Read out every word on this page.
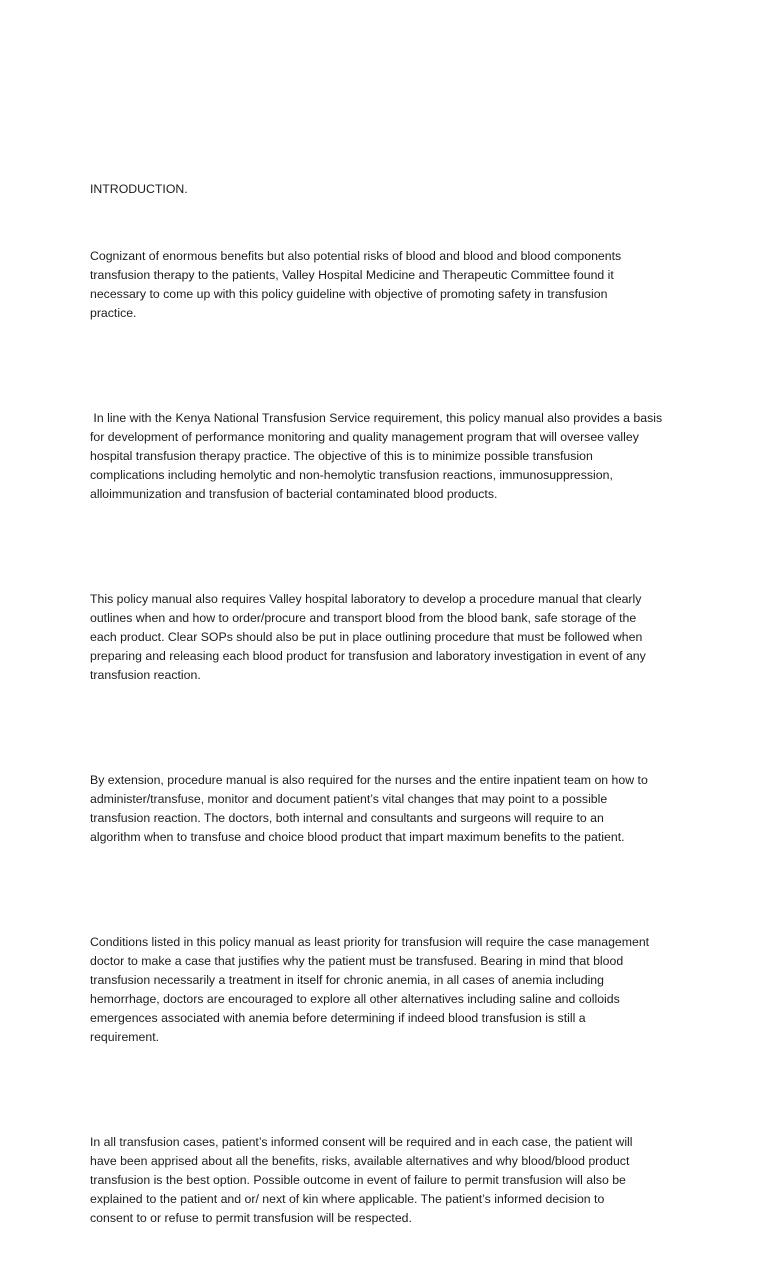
INTRODUCTION.

Cognizant of enormous benefits but also potential risks of blood and blood and blood components
transfusion therapy to the patients, Valley Hospital Medicine and Therapeutic Committee found it
necessary to come up with this policy guideline with objective of promoting safety in transfusion
practice.

In line with the Kenya National Transfusion Service requirement, this policy manual also provides a basis
for development of performance monitoring and quality management program that will oversee valley
hospital transfusion therapy practice. The objective of this is to minimize possible transfusion
complications including hemolytic and non-hemolytic transfusion reactions, immunosuppression,
alloimmunization and transfusion of bacterial contaminated blood products.

This policy manual also requires Valley hospital laboratory to develop a procedure manual that clearly
outlines when and how to order/procure and transport blood from the blood bank, safe storage of the
each product. Clear SOPs should also be put in place outlining procedure that must be followed when
preparing and releasing each blood product for transfusion and laboratory investigation in event of any
transfusion reaction.

By extension, procedure manual is also required for the nurses and the entire inpatient team on how to
administer/transfuse, monitor and document patient’s vital changes that may point to a possible
transfusion reaction. The doctors, both internal and consultants and surgeons will require to an
algorithm when to transfuse and choice blood product that impart maximum benefits to the patient.

Conditions listed in this policy manual as least priority for transfusion will require the case management
doctor to make a case that justifies why the patient must be transfused. Bearing in mind that blood
transfusion necessarily a treatment in itself for chronic anemia, in all cases of anemia including
hemorrhage, doctors are encouraged to explore all other alternatives including saline and colloids
emergences associated with anemia before determining if indeed blood transfusion is still a
requirement.

In all transfusion cases, patient’s informed consent will be required and in each case, the patient will
have been apprised about all the benefits, risks, available alternatives and why blood/blood product
transfusion is the best option. Possible outcome in event of failure to permit transfusion will also be
explained to the patient and or/ next of kin where applicable. The patient’s informed decision to
consent to or refuse to permit transfusion will be respected.
